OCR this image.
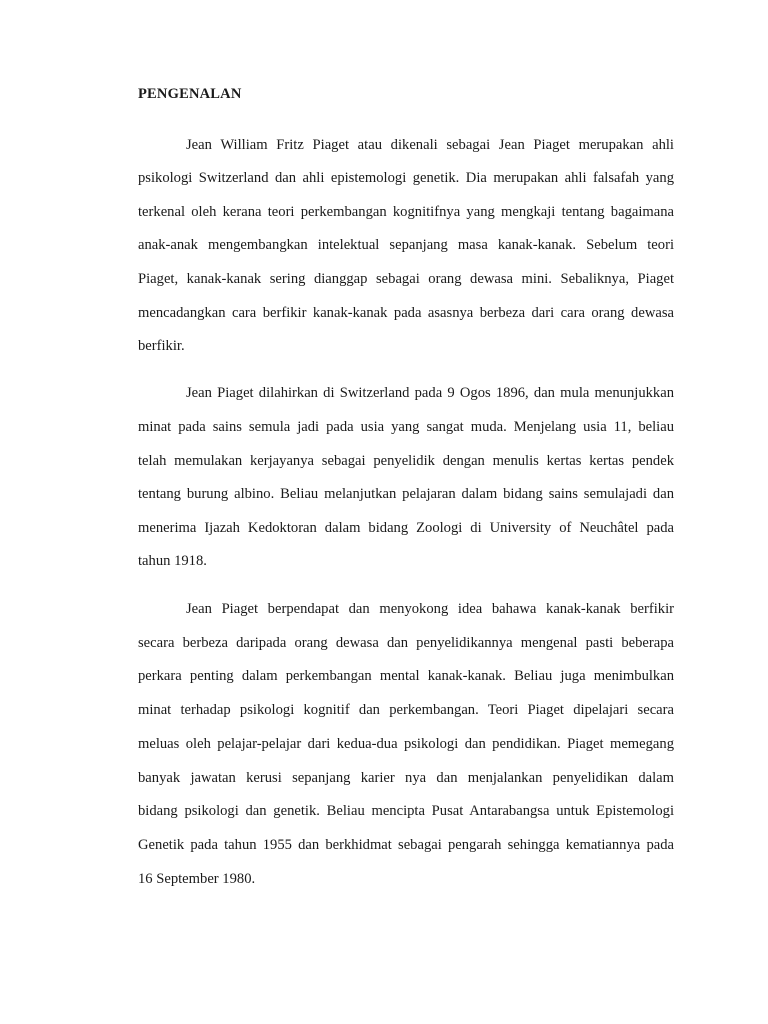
PENGENALAN
Jean William Fritz Piaget atau dikenali sebagai Jean Piaget merupakan ahli
psikologi Switzerland dan ahli epistemologi genetik. Dia merupakan ahli falsafah yang
terkenal oleh kerana teori perkembangan kognitifnya yang mengkaji tentang bagaimana
anak-anak mengembangkan intelektual sepanjang masa kanak-kanak. Sebelum teori
Piaget, kanak-kanak sering dianggap sebagai orang dewasa mini. Sebaliknya, Piaget
mencadangkan cara berfikir kanak-kanak pada asasnya berbeza dari cara orang dewasa
berfikir.
Jean Piaget dilahirkan di Switzerland pada 9 Ogos 1896, dan mula menunjukkan
minat pada sains semula jadi pada usia yang sangat muda. Menjelang usia 11, beliau
telah memulakan kerjayanya sebagai penyelidik dengan menulis kertas kertas pendek
tentang burung albino. Beliau melanjutkan pelajaran dalam bidang sains semulajadi dan
menerima Ijazah Kedoktoran dalam bidang Zoologi di University of Neuchâtel pada
tahun 1918.
Jean Piaget berpendapat dan menyokong idea bahawa kanak-kanak berfikir
secara berbeza daripada orang dewasa dan penyelidikannya mengenal pasti beberapa
perkara penting dalam perkembangan mental kanak-kanak. Beliau juga menimbulkan
minat terhadap psikologi kognitif dan perkembangan. Teori Piaget dipelajari secara
meluas oleh pelajar-pelajar dari kedua-dua psikologi dan pendidikan. Piaget memegang
banyak jawatan kerusi sepanjang karier nya dan menjalankan penyelidikan dalam
bidang psikologi dan genetik. Beliau mencipta Pusat Antarabangsa untuk Epistemologi
Genetik pada tahun 1955 dan berkhidmat sebagai pengarah sehingga kematiannya pada
16 September 1980.
